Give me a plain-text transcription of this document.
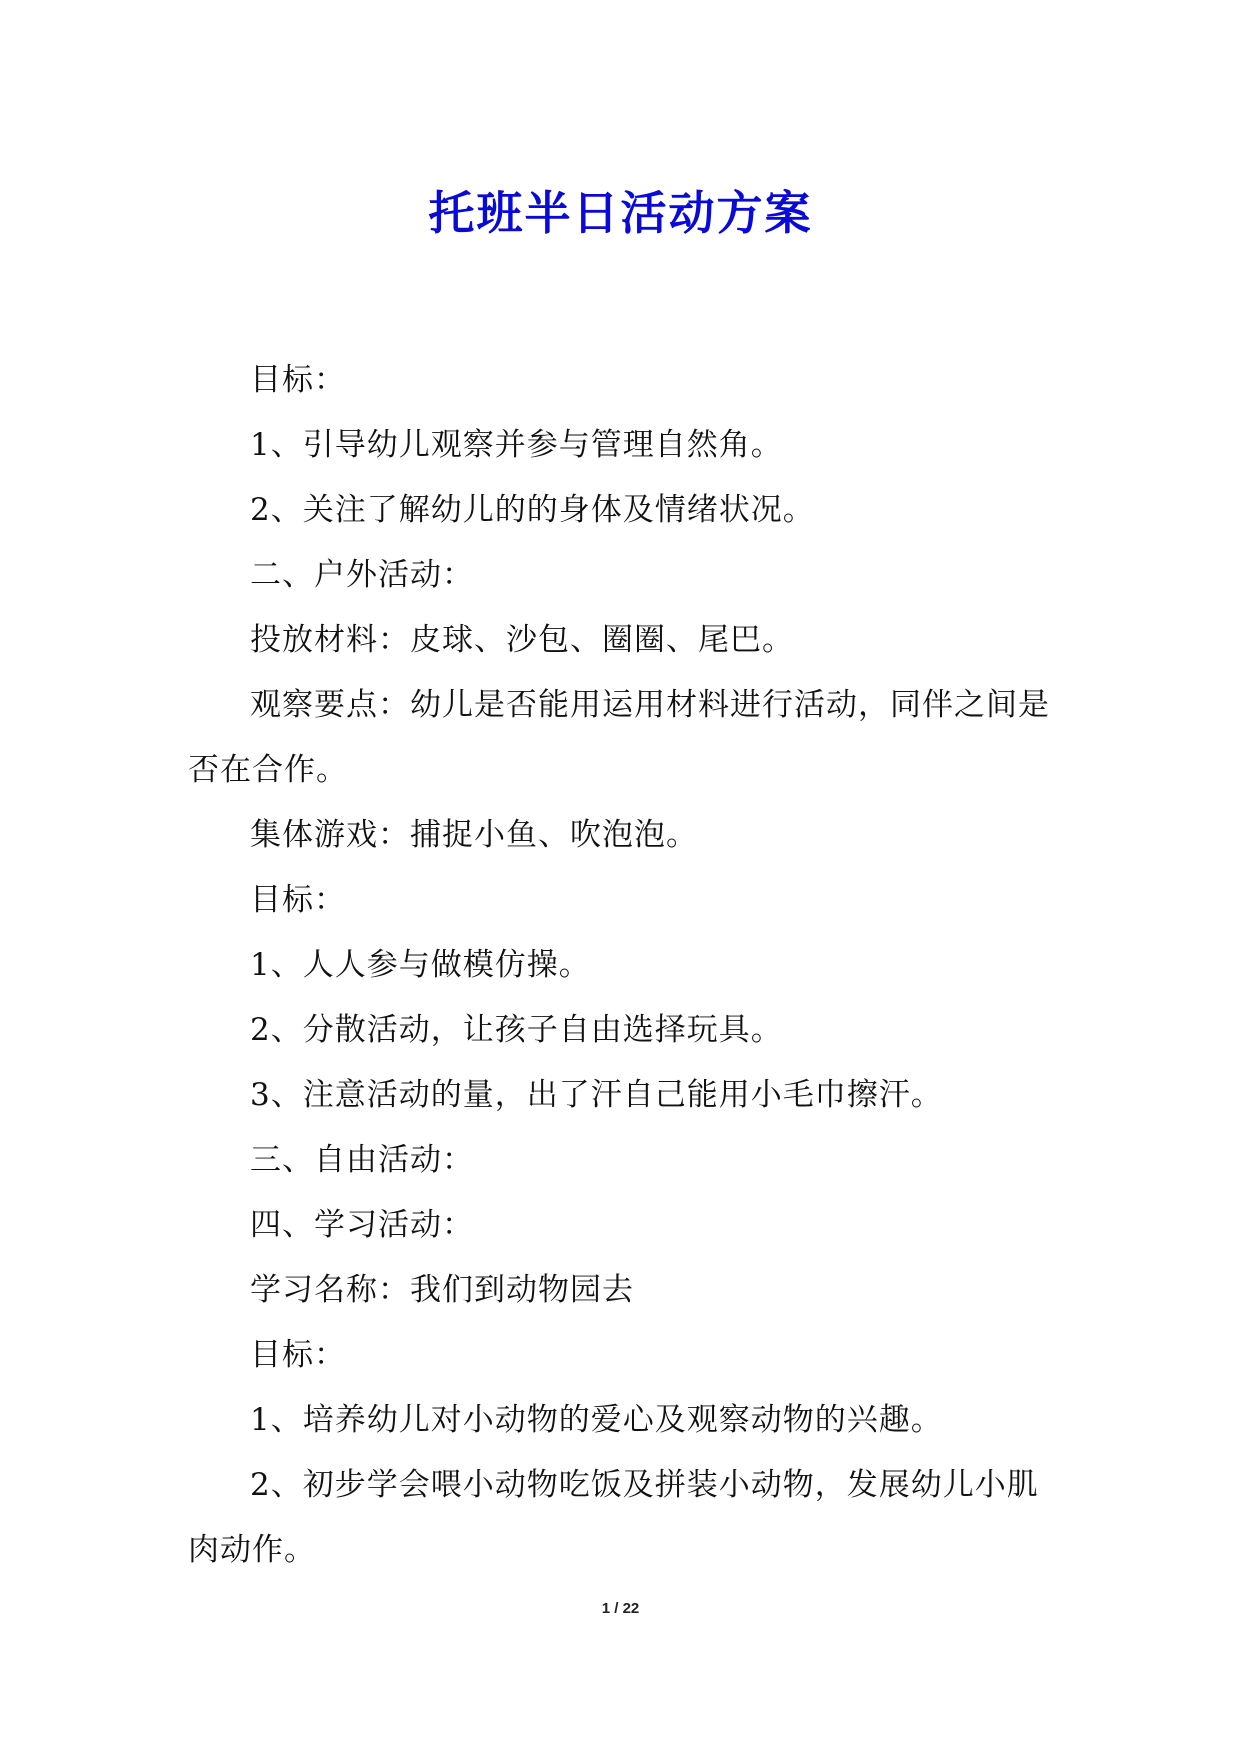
托班半日活动方案

目标：

1、引导幼儿观察并参与管理自然角。

2、关注了解幼儿的的身体及情绪状况。

二、户外活动：

投放材料：皮球、沙包、圈圈、尾巴。

观察要点：幼儿是否能用运用材料进行活动，同伴之间是否在合作。

集体游戏：捕捉小鱼、吹泡泡。

目标：

1、人人参与做模仿操。

2、分散活动，让孩子自由选择玩具。

3、注意活动的量，出了汗自己能用小毛巾擦汗。

三、自由活动：

四、学习活动：

学习名称：我们到动物园去

目标：

1、培养幼儿对小动物的爱心及观察动物的兴趣。

2、初步学会喂小动物吃饭及拼装小动物，发展幼儿小肌肉动作。

1 / 22
